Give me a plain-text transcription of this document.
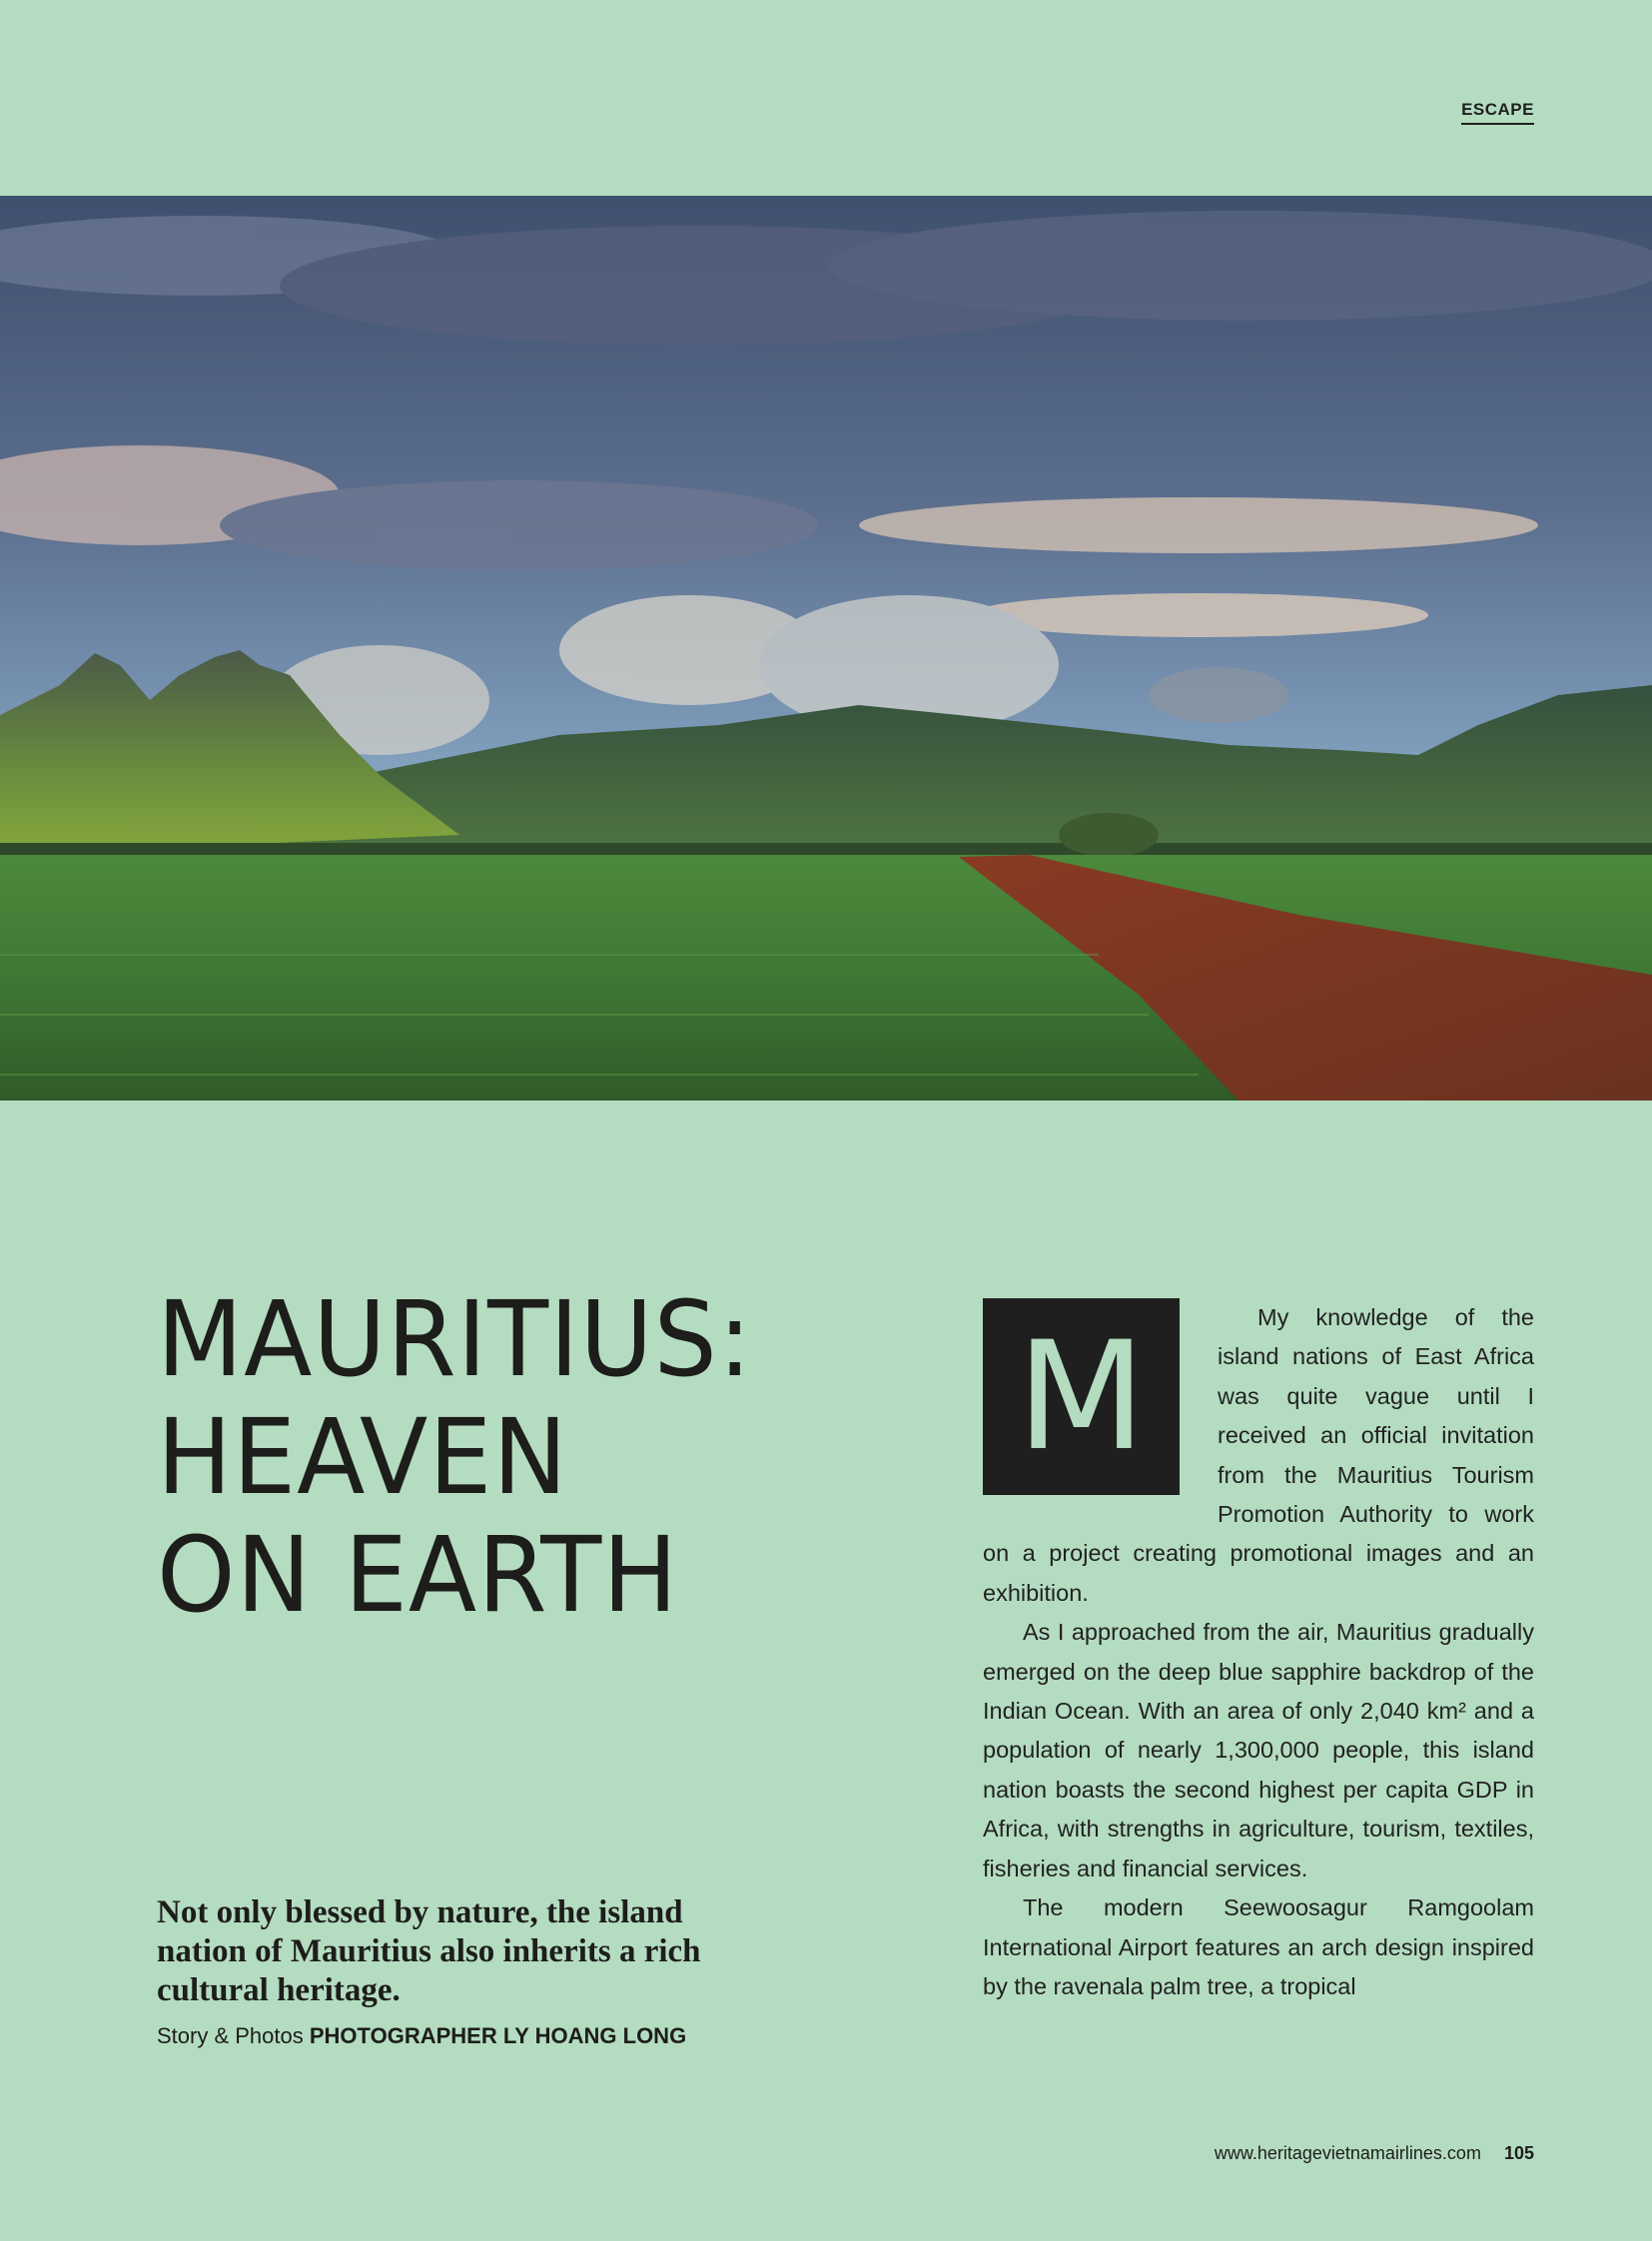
ESCAPE
MAURITIUS:
HEAVEN
ON EARTH
Not only blessed by nature, the island nation of Mauritius also inherits a rich cultural heritage.
Story & Photos PHOTOGRAPHER LY HOANG LONG
M	My knowledge of the island nations of East Africa was quite vague until I received an official invitation from the Mauritius Tourism Promotion Authority to work on a project creating promotional images and an exhibition.

As I approached from the air, Mauritius gradually emerged on the deep blue sapphire backdrop of the Indian Ocean. With an area of only 2,040 km² and a population of nearly 1,300,000 people, this island nation boasts the second highest per capita GDP in Africa, with strengths in agriculture, tourism, textiles, fisheries and financial services.

The modern Seewoosagur Ramgoolam International Airport features an arch design inspired by the ravenala palm tree, a tropical

www.heritagevietnamairlines.com 105
